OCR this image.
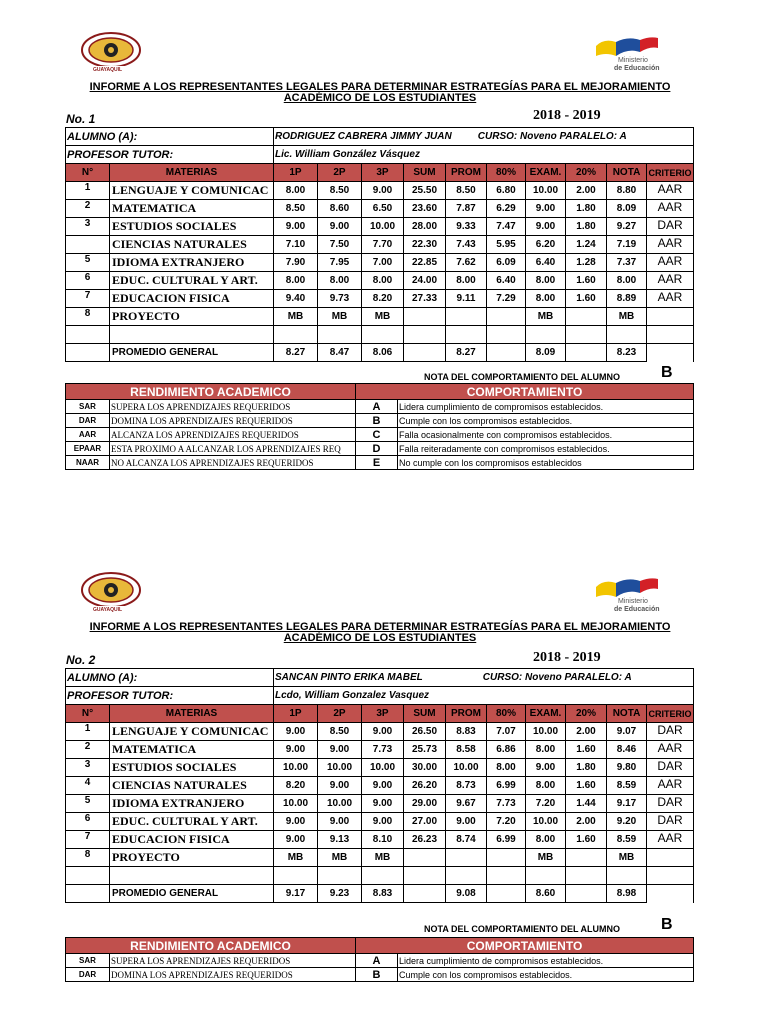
GUAYAQUIL
Ministerio
de Educación
INFORME A LOS REPRESENTANTES LEGALES PARA DETERMINAR ESTRATEGÍAS PARA EL MEJORAMIENTO ACADÉMICO DE LOS ESTUDIANTES
No. 1	2018 - 2019
ALUMNO (A):		RODRIGUEZ CABRERA JIMMY JUAN CURSO: Noveno PARALELO: A									
PROFESOR TUTOR:		Lic. William González Vásquez									
N°	MATERIAS	1P	2P	3P	SUM	PROM	80%	EXAM.	20%	NOTA	CRITERIO
1	LENGUAJE Y COMUNICAC	8.00	8.50	9.00	25.50	8.50	6.80	10.00	2.00	8.80	AAR
2	MATEMATICA	8.50	8.60	6.50	23.60	7.87	6.29	9.00	1.80	8.09	AAR
3	ESTUDIOS SOCIALES	9.00	9.00	10.00	28.00	9.33	7.47	9.00	1.80	9.27	DAR
	CIENCIAS NATURALES	7.10	7.50	7.70	22.30	7.43	5.95	6.20	1.24	7.19	AAR
5	IDIOMA EXTRANJERO	7.90	7.95	7.00	22.85	7.62	6.09	6.40	1.28	7.37	AAR
6	EDUC. CULTURAL Y ART.	8.00	8.00	8.00	24.00	8.00	6.40	8.00	1.60	8.00	AAR
7	EDUCACION FISICA	9.40	9.73	8.20	27.33	9.11	7.29	8.00	1.60	8.89	AAR
8	PROYECTO	MB	MB	MB				MB		MB	

	PROMEDIO GENERAL	8.27	8.47	8.06		8.27		8.09		8.23	
NOTA DEL COMPORTAMIENTO DEL ALUMNO	B
RENDIMIENTO ACADEMICO		COMPORTAMIENTO	
SAR	SUPERA LOS APRENDIZAJES REQUERIDOS	A	Lidera cumplimiento de compromisos establecidos.
DAR	DOMINA LOS APRENDIZAJES REQUERIDOS	B	Cumple con los compromisos establecidos.
AAR	ALCANZA LOS APRENDIZAJES REQUERIDOS	C	Falla ocasionalmente con compromisos establecidos.
EPAAR	ESTA PROXIMO A ALCANZAR LOS APRENDIZAJES REQ	D	Falla reiteradamente con compromisos establecidos.
NAAR	NO ALCANZA LOS APRENDIZAJES REQUERIDOS	E	No cumple con los compromisos establecidos
GUAYAQUIL
Ministerio
de Educación
INFORME A LOS REPRESENTANTES LEGALES PARA DETERMINAR ESTRATEGÍAS PARA EL MEJORAMIENTO ACADÉMICO DE LOS ESTUDIANTES
No. 2	2018 - 2019
ALUMNO (A):		SANCAN PINTO ERIKA MABEL CURSO: Noveno PARALELO: A									
PROFESOR TUTOR:		Lcdo, William Gonzalez Vasquez									
N°	MATERIAS	1P	2P	3P	SUM	PROM	80%	EXAM.	20%	NOTA	CRITERIO
1	LENGUAJE Y COMUNICAC	9.00	8.50	9.00	26.50	8.83	7.07	10.00	2.00	9.07	DAR
2	MATEMATICA	9.00	9.00	7.73	25.73	8.58	6.86	8.00	1.60	8.46	AAR
3	ESTUDIOS SOCIALES	10.00	10.00	10.00	30.00	10.00	8.00	9.00	1.80	9.80	DAR
4	CIENCIAS NATURALES	8.20	9.00	9.00	26.20	8.73	6.99	8.00	1.60	8.59	AAR
5	IDIOMA EXTRANJERO	10.00	10.00	9.00	29.00	9.67	7.73	7.20	1.44	9.17	DAR
6	EDUC. CULTURAL Y ART.	9.00	9.00	9.00	27.00	9.00	7.20	10.00	2.00	9.20	DAR
7	EDUCACION FISICA	9.00	9.13	8.10	26.23	8.74	6.99	8.00	1.60	8.59	AAR
8	PROYECTO	MB	MB	MB				MB		MB	

	PROMEDIO GENERAL	9.17	9.23	8.83		9.08		8.60		8.98	
NOTA DEL COMPORTAMIENTO DEL ALUMNO	B
RENDIMIENTO ACADEMICO		COMPORTAMIENTO	
SAR	SUPERA LOS APRENDIZAJES REQUERIDOS	A	Lidera cumplimiento de compromisos establecidos.
DAR	DOMINA LOS APRENDIZAJES REQUERIDOS	B	Cumple con los compromisos establecidos.
